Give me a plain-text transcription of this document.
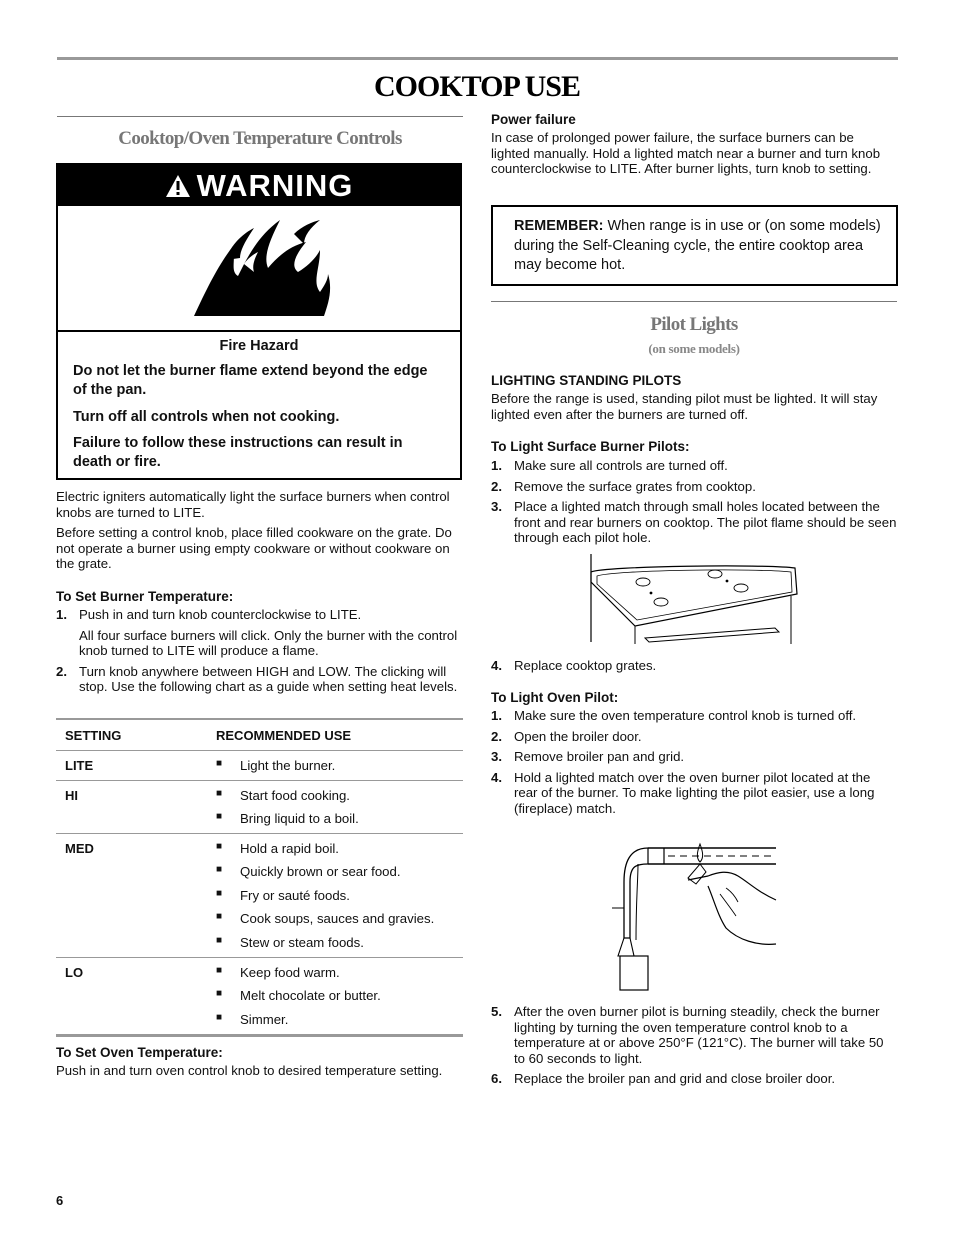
COOKTOP USE
Cooktop/Oven Temperature Controls
WARNING
Fire Hazard
Do not let the burner flame extend beyond the edge of the pan.
Turn off all controls when not cooking.
Failure to follow these instructions can result in death or fire.

Electric igniters automatically light the surface burners when control knobs are turned to LITE.

Before setting a control knob, place filled cookware on the grate. Do not operate a burner using empty cookware or without cookware on the grate.

To Set Burner Temperature:

1. Push in and turn knob counterclockwise to LITE.
All four surface burners will click. Only the burner with the control knob turned to LITE will produce a flame.
2. Turn knob anywhere between HIGH and LOW. The clicking will stop. Use the following chart as a guide when setting heat levels.
SETTING	RECOMMENDED USE
LITE	■ Light the burner.
HI	■ Start food cooking.
■ Bring liquid to a boil.
MED	■ Hold a rapid boil.
■ Quickly brown or sear food.
■ Fry or sauté foods.
■ Cook soups, sauces and gravies.
■ Stew or steam foods.
LO	■ Keep food warm.
■ Melt chocolate or butter.
■ Simmer.

To Set Oven Temperature:

Push in and turn oven control knob to desired temperature setting.

Power failure

In case of prolonged power failure, the surface burners can be lighted manually. Hold a lighted match near a burner and turn knob counterclockwise to LITE. After burner lights, turn knob to setting.

REMEMBER: When range is in use or (on some models) during the Self-Cleaning cycle, the entire cooktop area may become hot.
Pilot Lights
(on some models)

LIGHTING STANDING PILOTS

Before the range is used, standing pilot must be lighted. It will stay lighted even after the burners are turned off.

To Light Surface Burner Pilots:

1. Make sure all controls are turned off.
2. Remove the surface grates from cooktop.
3. Place a lighted match through small holes located between the front and rear burners on cooktop. The pilot flame should be seen through each pilot hole.
4. Replace cooktop grates.

To Light Oven Pilot:

1. Make sure the oven temperature control knob is turned off.
2. Open the broiler door.
3. Remove broiler pan and grid.
4. Hold a lighted match over the oven burner pilot located at the rear of the burner. To make lighting the pilot easier, use a long (fireplace) match.
5. After the oven burner pilot is burning steadily, check the burner lighting by turning the oven temperature control knob to a temperature at or above 250°F (121°C). The burner will take 50 to 60 seconds to light.
6. Replace the broiler pan and grid and close broiler door.
6
